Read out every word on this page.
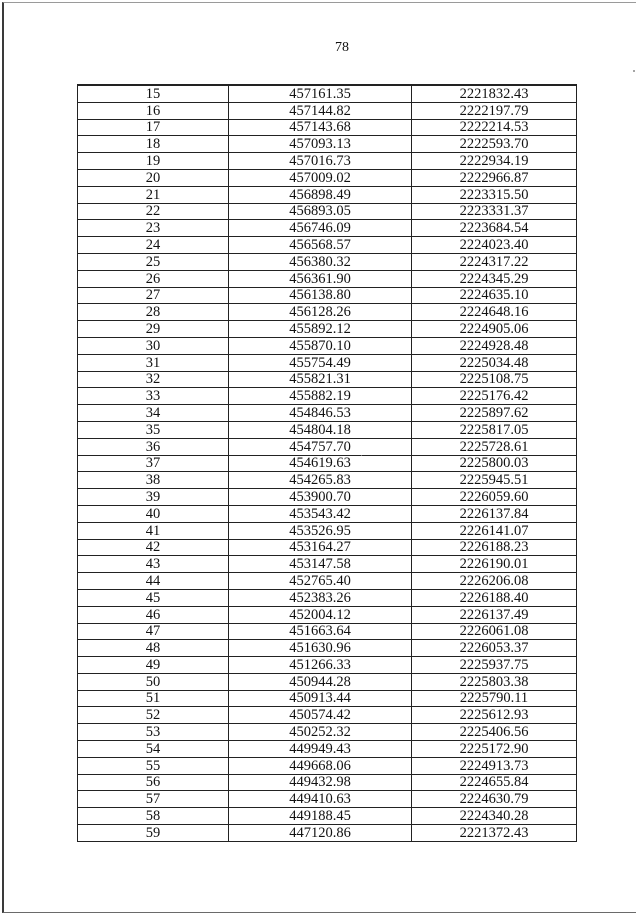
78
15	457161.35	2221832.43
16	457144.82	2222197.79
17	457143.68	2222214.53
18	457093.13	2222593.70
19	457016.73	2222934.19
20	457009.02	2222966.87
21	456898.49	2223315.50
22	456893.05	2223331.37
23	456746.09	2223684.54
24	456568.57	2224023.40
25	456380.32	2224317.22
26	456361.90	2224345.29
27	456138.80	2224635.10
28	456128.26	2224648.16
29	455892.12	2224905.06
30	455870.10	2224928.48
31	455754.49	2225034.48
32	455821.31	2225108.75
33	455882.19	2225176.42
34	454846.53	2225897.62
35	454804.18	2225817.05
36	454757.70	2225728.61
37	454619.63	2225800.03
38	454265.83	2225945.51
39	453900.70	2226059.60
40	453543.42	2226137.84
41	453526.95	2226141.07
42	453164.27	2226188.23
43	453147.58	2226190.01
44	452765.40	2226206.08
45	452383.26	2226188.40
46	452004.12	2226137.49
47	451663.64	2226061.08
48	451630.96	2226053.37
49	451266.33	2225937.75
50	450944.28	2225803.38
51	450913.44	2225790.11
52	450574.42	2225612.93
53	450252.32	2225406.56
54	449949.43	2225172.90
55	449668.06	2224913.73
56	449432.98	2224655.84
57	449410.63	2224630.79
58	449188.45	2224340.28
59	447120.86	2221372.43
